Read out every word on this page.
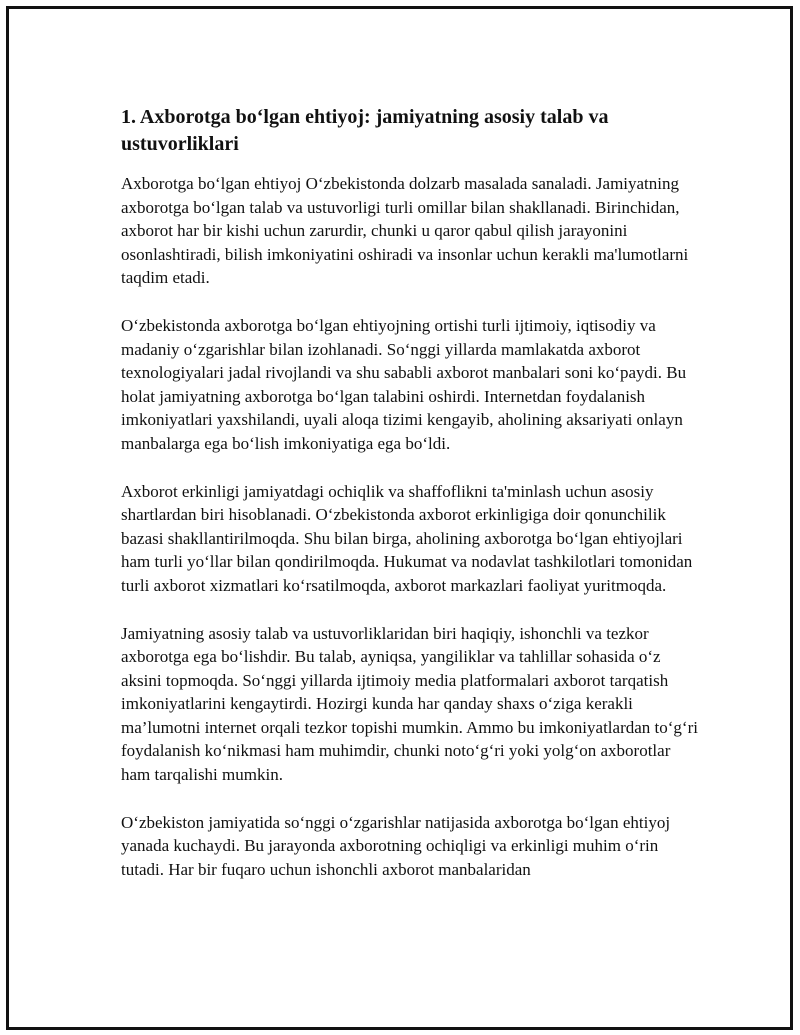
1. Axborotga bo‘lgan ehtiyoj: jamiyatning asosiy talab va ustuvorliklari

Axborotga bo‘lgan ehtiyoj O‘zbekistonda dolzarb masalada sanaladi. Jamiyatning axborotga bo‘lgan talab va ustuvorligi turli omillar bilan shakllanadi. Birinchidan, axborot har bir kishi uchun zarurdir, chunki u qaror qabul qilish jarayonini osonlashtiradi, bilish imkoniyatini oshiradi va insonlar uchun kerakli ma'lumotlarni taqdim etadi.

O‘zbekistonda axborotga bo‘lgan ehtiyojning ortishi turli ijtimoiy, iqtisodiy va madaniy o‘zgarishlar bilan izohlanadi. So‘nggi yillarda mamlakatda axborot texnologiyalari jadal rivojlandi va shu sababli axborot manbalari soni ko‘paydi. Bu holat jamiyatning axborotga bo‘lgan talabini oshirdi. Internetdan foydalanish imkoniyatlari yaxshilandi, uyali aloqa tizimi kengayib, aholining aksariyati onlayn manbalarga ega bo‘lish imkoniyatiga ega bo‘ldi.

Axborot erkinligi jamiyatdagi ochiqlik va shaffoflikni ta'minlash uchun asosiy shartlardan biri hisoblanadi. O‘zbekistonda axborot erkinligiga doir qonunchilik bazasi shakllantirilmoqda. Shu bilan birga, aholining axborotga bo‘lgan ehtiyojlari ham turli yo‘llar bilan qondirilmoqda. Hukumat va nodavlat tashkilotlari tomonidan turli axborot xizmatlari ko‘rsatilmoqda, axborot markazlari faoliyat yuritmoqda.

Jamiyatning asosiy talab va ustuvorliklaridan biri haqiqiy, ishonchli va tezkor axborotga ega bo‘lishdir. Bu talab, ayniqsa, yangiliklar va tahlillar sohasida o‘z aksini topmoqda. So‘nggi yillarda ijtimoiy media platformalari axborot tarqatish imkoniyatlarini kengaytirdi. Hozirgi kunda har qanday shaxs o‘ziga kerakli ma’lumotni internet orqali tezkor topishi mumkin. Ammo bu imkoniyatlardan to‘g‘ri foydalanish ko‘nikmasi ham muhimdir, chunki noto‘g‘ri yoki yolg‘on axborotlar ham tarqalishi mumkin.

O‘zbekiston jamiyatida so‘nggi o‘zgarishlar natijasida axborotga bo‘lgan ehtiyoj yanada kuchaydi. Bu jarayonda axborotning ochiqligi va erkinligi muhim o‘rin tutadi. Har bir fuqaro uchun ishonchli axborot manbalaridan
